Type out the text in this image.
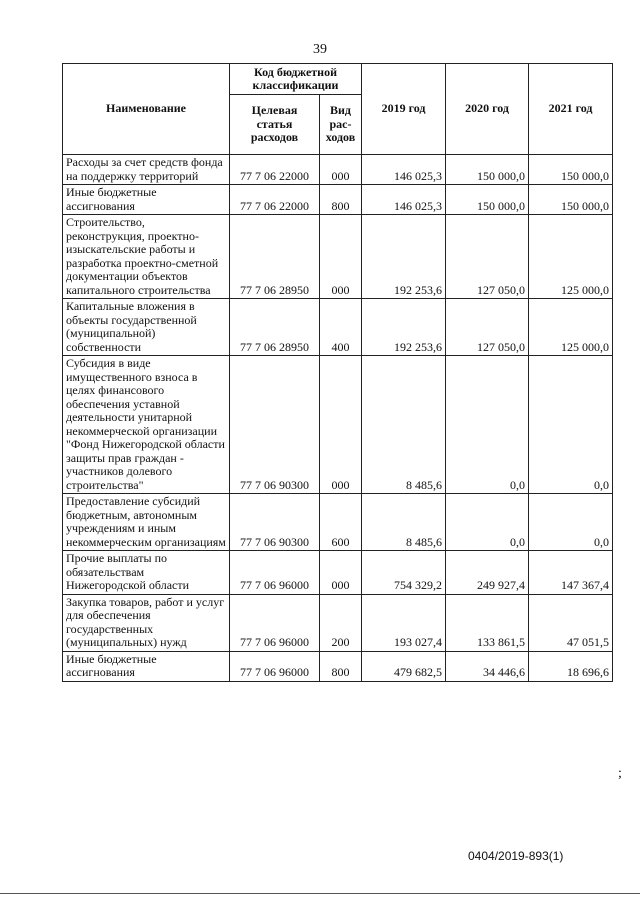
39
Наименование	Код бюджетной классификации		2019 год	2020 год	2021 год
	Целевая статья расходов	Вид рас-ходов			
Расходы за счет средств фонда на поддержку территорий	77 7 06 22000	000	146 025,3	150 000,0	150 000,0
Иные бюджетные ассигнования	77 7 06 22000	800	146 025,3	150 000,0	150 000,0
Строительство, реконструкция, проектно-изыскательские работы и разработка проектно-сметной документации объектов капитального строительства	77 7 06 28950	000	192 253,6	127 050,0	125 000,0
Капитальные вложения в объекты государственной (муниципальной) собственности	77 7 06 28950	400	192 253,6	127 050,0	125 000,0
Субсидия в виде имущественного взноса в целях финансового обеспечения уставной деятельности унитарной некоммерческой организации "Фонд Нижегородской области защиты прав граждан - участников долевого строительства"	77 7 06 90300	000	8 485,6	0,0	0,0
Предоставление субсидий бюджетным, автономным учреждениям и иным некоммерческим организациям	77 7 06 90300	600	8 485,6	0,0	0,0
Прочие выплаты по обязательствам Нижегородской области	77 7 06 96000	000	754 329,2	249 927,4	147 367,4
Закупка товаров, работ и услуг для обеспечения государственных (муниципальных) нужд	77 7 06 96000	200	193 027,4	133 861,5	47 051,5
Иные бюджетные ассигнования	77 7 06 96000	800	479 682,5	34 446,6	18 696,6
;
0404/2019-893(1)
